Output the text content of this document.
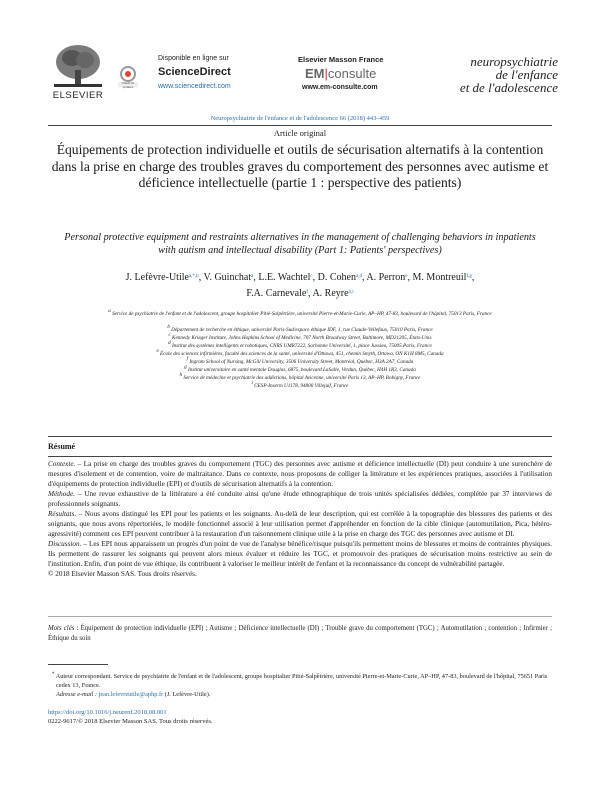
ELSEVIER
Disponible en ligne sur
Check for updates
ScienceDirect
www.sciencedirect.com
Elsevier Masson France
EM|consulte
www.em-consulte.com
neuropsychiatrie
de l'enfance
et de l'adolescence
Neuropsychiatrie de l'enfance et de l'adolescence 66 (2018) 443–459
Article original
Équipements de protection individuelle et outils de sécurisation alternatifs à la contention dans la prise en charge des troubles graves du comportement des personnes avec autisme et déficience intellectuelle (partie 1 : perspective des patients)
Personal protective equipment and restraints alternatives in the management of challenging behaviors in inpatients with autism and intellectual disability (Part 1: Patients' perspectives)
J. Lefèvre-Utile$^{a,*,b}$, V. Guinchat$^a$, L.E. Wachtel$^c$, D. Cohen$^{a,d}$, A. Perron$^e$, M. Montreuil$^{f,g}$,
F.A. Carnevale$^f$, A. Reyre$^{h,i}$
$^a$ Service de psychiatrie de l'enfant et de l'adolescent, groupe hospitalier Pitié-Salpêtrière, université Pierre-et-Marie-Curie, AP–HP, 47-83, boulevard de l'hôpital, 75013 Paris, France
$^b$ Département de recherche en éthique, université Paris-Sud/espace éthique IDF, 1, rue Claude-Vellefaux, 75010 Paris, France
$^c$ Kennedy Krieger Institute, Johns Hopkins School of Medicine, 707 North Broadway Street, Baltimore, MD21205, États-Unis
$^d$ Institut des systèmes intelligents et robotiques, CNRS UMR7222, Sorbonne Université, 1, place Jussieu, 75005 Paris, France
$^e$ École des sciences infirmières, faculté des sciences de la santé, université d'Ottawa, 451, chemin Smyth, Ottawa, ON K1H 8M5, Canada
$^f$ Ingram School of Nursing, McGill University, 3506 University Street, Montréal, Quebec, H3A 2A7, Canada
$^g$ Institut universitaire en santé mentale Douglas, 6875, boulevard LaSalle, Verdun, Québec, H4H 1R3, Canada
$^h$ Service de médecine et psychiatrie des addictions, hôpital Avicenne, université Paris 13, AP–HP, Bobigny, France
$^i$ CESP-Inserm U1178, 94800 Villejuif, France
Résumé
Contexte. – La prise en charge des troubles graves du comportement (TGC) des personnes avec autisme et déficience intellectuelle (DI) peut conduire à une surenchère de mesures d'isolement et de contention, voire de maltraitance. Dans ce contexte, nous proposons de colliger la littérature et les expériences pratiques, associées à l'utilisation d'équipements de protection individuelle (EPI) et d'outils de sécurisation alternatifs à la contention.
Méthode. – Une revue exhaustive de la littérature a été conduite ainsi qu'une étude ethnographique de trois unités spécialisées dédiées, complétée par 37 interviews de professionnels soignants.
Résultats. – Nous avons distingué les EPI pour les patients et les soignants. Au-delà de leur description, qui est corrélée à la topographie des blessures des patients et des soignants, que nous avons répertoriées, le modèle fonctionnel associé à leur utilisation permet d'appréhender en fonction de la cible clinique (automutilation, Pica, hétéro-agressivité) comment ces EPI peuvent contribuer à la restauration d'un raisonnement clinique utile à la prise en charge des TGC des personnes avec autisme et DI.
Discussion. – Les EPI nous apparaissent un progrès d'un point de vue de l'analyse bénéfice/risque puisqu'ils permettent moins de blessures et moins de contraintes physiques. Ils permettent de rassurer les soignants qui peuvent alors mieux évaluer et réduire les TGC, et promouvoir des pratiques de sécurisation moins restrictive au sein de l'institution. Enfin, d'un point de vue éthique, ils contribuent à valoriser le meilleur intérêt de l'enfant et la reconnaissance du concept de vulnérabilité partagée.
© 2018 Elsevier Masson SAS. Tous droits réservés.
Mots clés : Équipement de protection individuelle (EPI) ; Autisme ; Déficience intellectuelle (DI) ; Trouble grave du comportement (TGC) ; Automutilation ; contention ; Infirmier ; Éthique du soin
* Auteur correspondant. Service de psychiatrie de l'enfant et de l'adolescent, groupe hospitalier Pitié-Salpêtrière, université Pierre-et-Marie-Curie, AP–HP, 47-83, boulevard de l'hôpital, 75651 Paris cedex 13, France.
Adresse e-mail : jean.lefevreutile@aphp.fr (J. Lefèvre-Utile).
https://doi.org/10.1016/j.neurenf.2018.08.001
0222-9617/© 2018 Elsevier Masson SAS. Tous droits réservés.
